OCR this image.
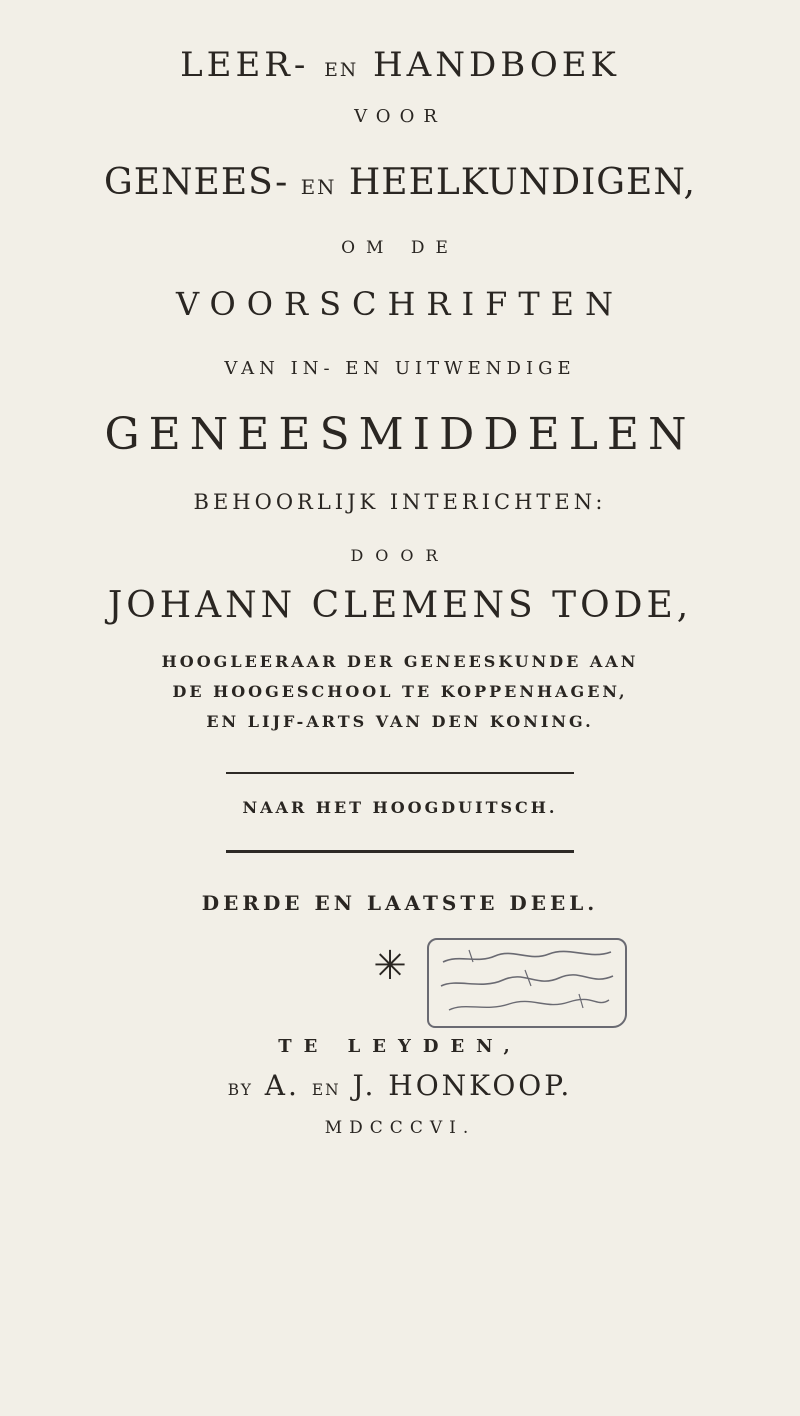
LEER- EN HANDBOEK
VOOR
GENEES- EN HEELKUNDIGEN,
OM DE
VOORSCHRIFTEN
VAN IN- EN UITWENDIGE
GENEESMIDDELEN
BEHOORLIJK INTERICHTEN:
DOOR
JOHANN CLEMENS TODE,
HOOGLEERAAR DER GENEESKUNDE AAN
DE HOOGESCHOOL TE KOPPENHAGEN,
EN LIJF-ARTS VAN DEN KONING.
NAAR HET HOOGDUITSCH.
DERDE EN LAATSTE DEEL.
✳
TE LEYDEN,
BY A. EN J. HONKOOP.
MDCCCVI.
